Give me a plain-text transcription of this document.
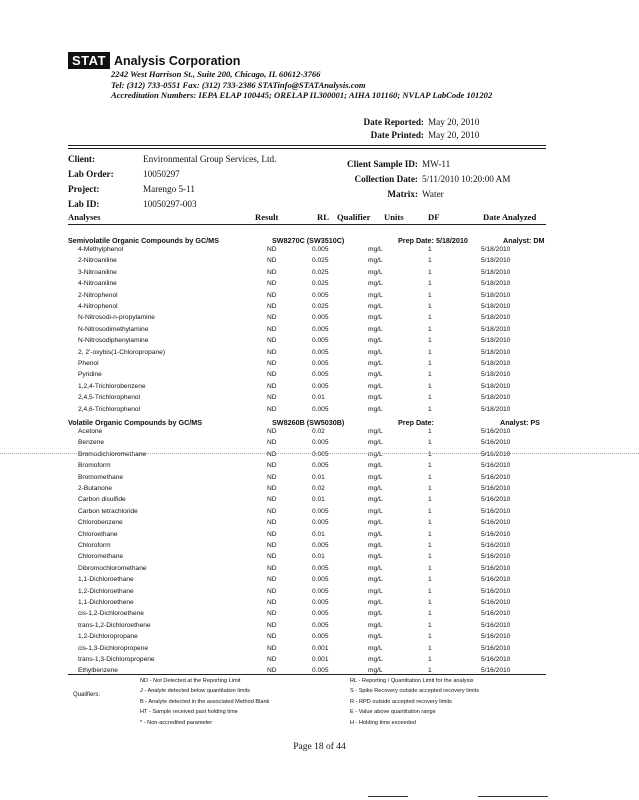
STAT Analysis Corporation
2242 West Harrison St., Suite 200, Chicago, IL 60612-3766
Tel: (312) 733-0551 Fax: (312) 733-2386 STATinfo@STATAnalysis.com
Accreditation Numbers: IEPA ELAP 100445; ORELAP IL300001; AIHA 101160; NVLAP LabCode 101202
Date Reported: May 20, 2010
Date Printed: May 20, 2010
Client:	Environmental Group Services, Ltd.
Lab Order:	10050297
Project:	Marengo 5-11
Lab ID:	10050297-003
Client Sample ID: MW-11
Collection Date: 5/11/2010 10:20:00 AM
Matrix: Water
Analyses	Result	RL Qualifier Units	DF	Date Analyzed
Semivolatile Organic Compounds by GC/MS	SW8270C (SW3510C)	Prep Date: 5/18/2010	Analyst: DM
4-Methylphenol	ND	0.005	mg/L	1	5/18/2010
2-Nitroaniline	ND	0.025	mg/L	1	5/18/2010
3-Nitroaniline	ND	0.025	mg/L	1	5/18/2010
4-Nitroaniline	ND	0.025	mg/L	1	5/18/2010
2-Nitrophenol	ND	0.005	mg/L	1	5/18/2010
4-Nitrophenol	ND	0.025	mg/L	1	5/18/2010
N-Nitrosodi-n-propylamine	ND	0.005	mg/L	1	5/18/2010
N-Nitrosodimethylamine	ND	0.005	mg/L	1	5/18/2010
N-Nitrosodiphenylamine	ND	0.005	mg/L	1	5/18/2010
2, 2'-oxybis(1-Chloropropane)	ND	0.005	mg/L	1	5/18/2010
Phenol	ND	0.005	mg/L	1	5/18/2010
Pyridine	ND	0.005	mg/L	1	5/18/2010
1,2,4-Trichlorobenzene	ND	0.005	mg/L	1	5/18/2010
2,4,5-Trichlorophenol	ND	0.01	mg/L	1	5/18/2010
2,4,6-Trichlorophenol	ND	0.005	mg/L	1	5/18/2010
Volatile Organic Compounds by GC/MS	SW8260B (SW5030B)	Prep Date:	Analyst: PS
Acetone	ND	0.02	mg/L	1	5/16/2010
Benzene	ND	0.005	mg/L	1	5/16/2010
Bromodichloromethane	ND	0.005	mg/L	1	5/16/2010
Bromoform	ND	0.005	mg/L	1	5/16/2010
Bromomethane	ND	0.01	mg/L	1	5/16/2010
2-Butanone	ND	0.02	mg/L	1	5/16/2010
Carbon disulfide	ND	0.01	mg/L	1	5/16/2010
Carbon tetrachloride	ND	0.005	mg/L	1	5/16/2010
Chlorobenzene	ND	0.005	mg/L	1	5/16/2010
Chloroethane	ND	0.01	mg/L	1	5/16/2010
Chloroform	ND	0.005	mg/L	1	5/16/2010
Chloromethane	ND	0.01	mg/L	1	5/16/2010
Dibromochloromethane	ND	0.005	mg/L	1	5/16/2010
1,1-Dichloroethane	ND	0.005	mg/L	1	5/16/2010
1,2-Dichloroethane	ND	0.005	mg/L	1	5/16/2010
1,1-Dichloroethene	ND	0.005	mg/L	1	5/16/2010
cis-1,2-Dichloroethene	ND	0.005	mg/L	1	5/16/2010
trans-1,2-Dichloroethene	ND	0.005	mg/L	1	5/16/2010
1,2-Dichloropropane	ND	0.005	mg/L	1	5/16/2010
cis-1,3-Dichloropropene	ND	0.001	mg/L	1	5/16/2010
trans-1,3-Dichloropropene	ND	0.001	mg/L	1	5/16/2010
Ethylbenzene	ND	0.005	mg/L	1	5/16/2010
Qualifiers:
ND - Not Detected at the Reporting Limit
J - Analyte detected below quantitation limits
B - Analyte detected in the associated Method Blank
HT - Sample received past holding time
* - Non-accredited parameter
RL - Reporting / Quantitation Limit for the analysis
S - Spike Recovery outside accepted recovery limits
R - RPD outside accepted recovery limits
E - Value above quantitation range
H - Holding time exceeded
Page 18 of 44
